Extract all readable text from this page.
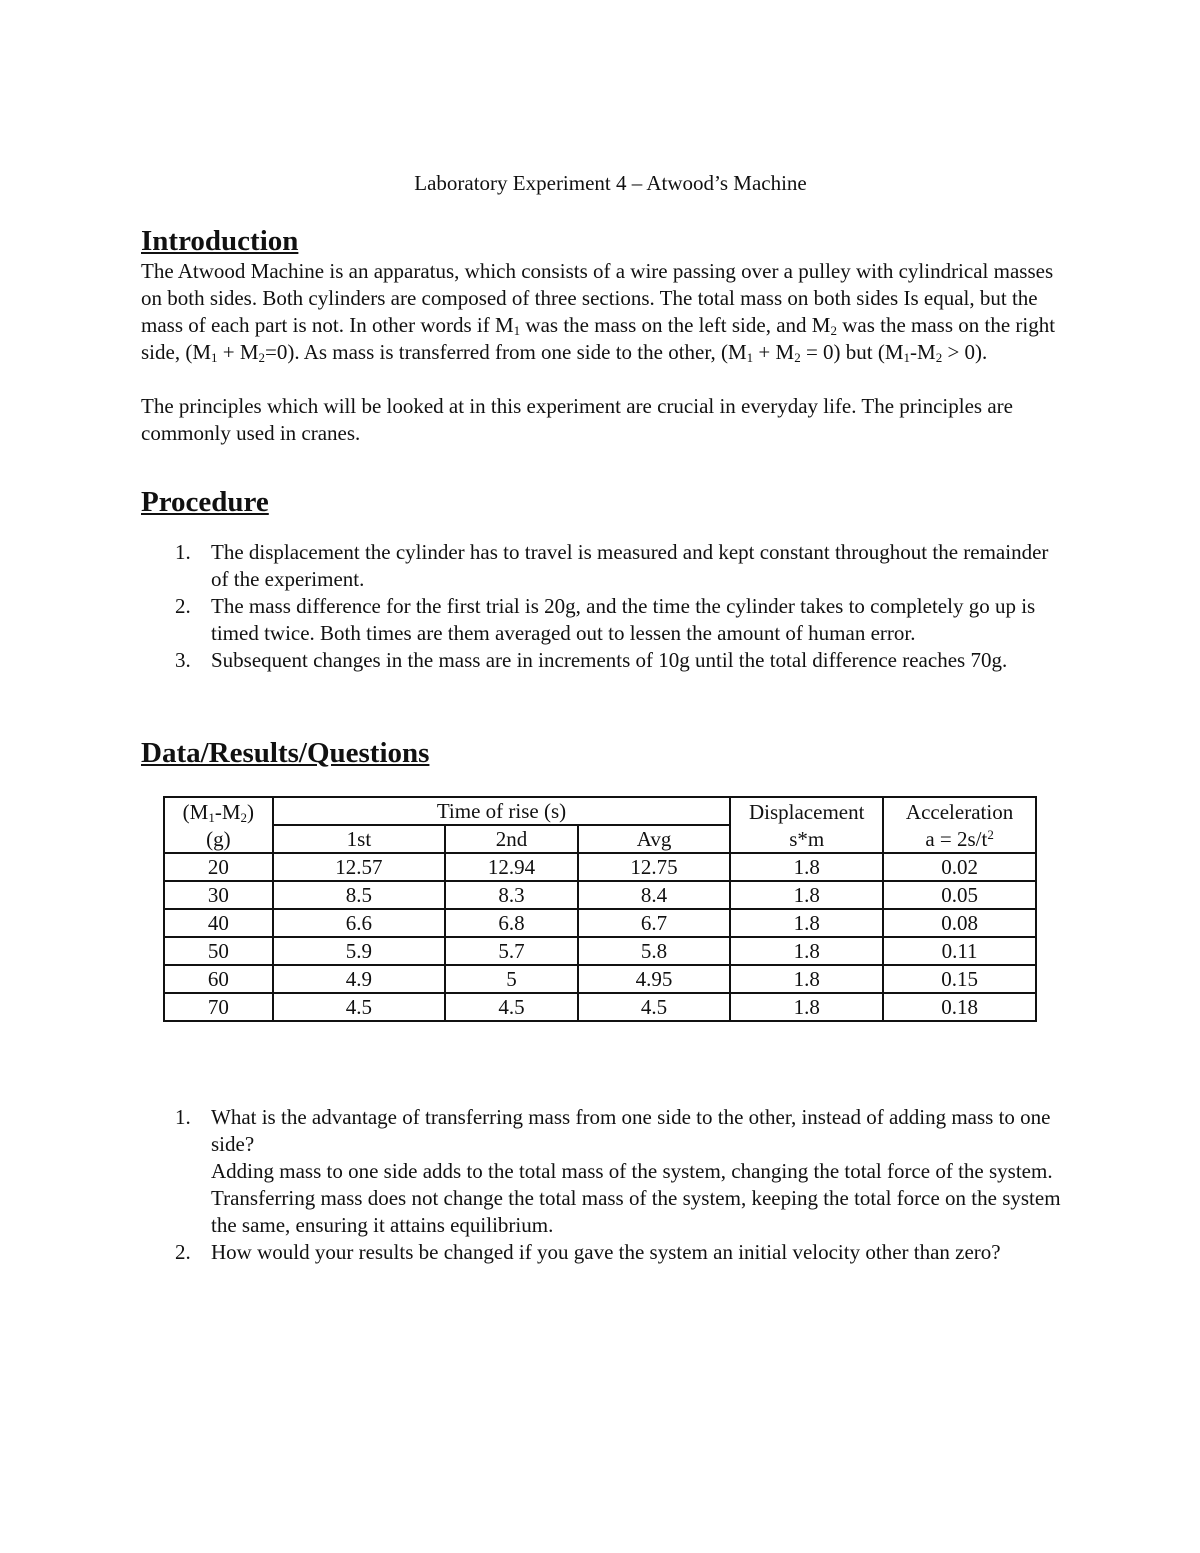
Laboratory Experiment 4 – Atwood’s Machine

Introduction

The Atwood Machine is an apparatus, which consists of a wire passing over a pulley with cylindrical masses on both sides. Both cylinders are composed of three sections. The total mass on both sides Is equal, but the mass of each part is not. In other words if $M_1$ was the mass on the left side, and $M_2$ was the mass on the right side, $(M_1 + M_2=0)$. As mass is transferred from one side to the other, $(M_1 + M_2 = 0)$ but $(M_1-M_2 > 0)$.

The principles which will be looked at in this experiment are crucial in everyday life. The principles are commonly used in cranes.

Procedure
1. The displacement the cylinder has to travel is measured and kept constant throughout the remainder of the experiment.
2. The mass difference for the first trial is 20g, and the time the cylinder takes to completely go up is timed twice. Both times are them averaged out to lessen the amount of human error.
3. Subsequent changes in the mass are in increments of 10g until the total difference reaches 70g.
Data/Results/Questions
$(M_1-M_2)$	Time of rise (s)			Displacement	Acceleration
(g)	1st	2nd	Avg	s*m	$a = 2s/t^2$
20	12.57	12.94	12.75	1.8	0.02
30	8.5	8.3	8.4	1.8	0.05
40	6.6	6.8	6.7	1.8	0.08
50	5.9	5.7	5.8	1.8	0.11
60	4.9	5	4.95	1.8	0.15
70	4.5	4.5	4.5	1.8	0.18
1. What is the advantage of transferring mass from one side to the other, instead of adding mass to one side?
Adding mass to one side adds to the total mass of the system, changing the total force of the system. Transferring mass does not change the total mass of the system, keeping the total force on the system the same, ensuring it attains equilibrium.
2. How would your results be changed if you gave the system an initial velocity other than zero?
